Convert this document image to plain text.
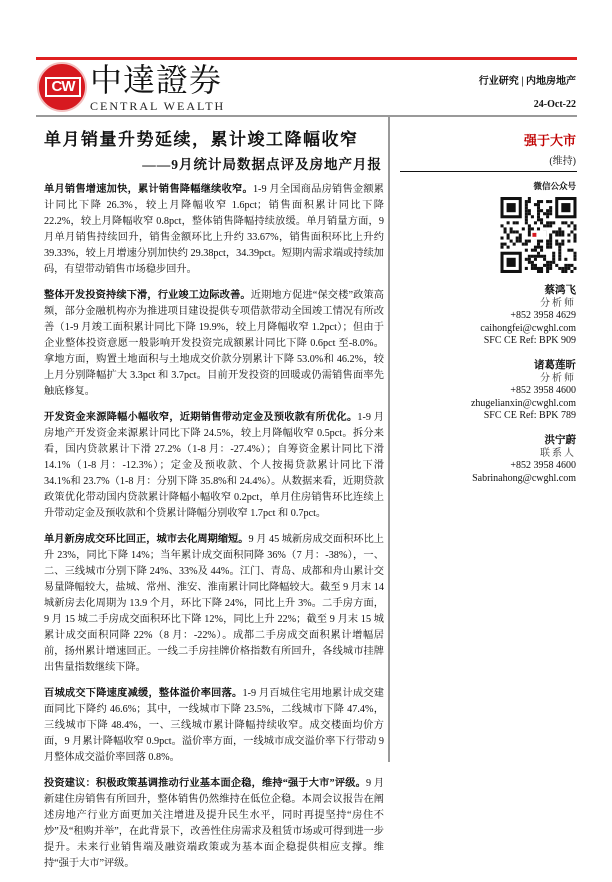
CW 中達證券
CENTRAL WEALTH
行业研究 | 内地房地产
24-Oct-22
单月销量升势延续，累计竣工降幅收窄
——9月统计局数据点评及房地产月报
强于大市
(维持)
微信公众号
蔡鸿飞
分析师
+852 3958 4629
caihongfei@cwghl.com
SFC CE Ref: BPK 909
诸葛莲昕
分析师
+852 3958 4600
zhugelianxin@cwghl.com
SFC CE Ref: BPK 789
洪宁蔚
联系人
+852 3958 4600
Sabrinahong@cwghl.com

单月销售增速加快，累计销售降幅继续收窄。1-9 月全国商品房销售金额累计同比下降 26.3%，较上月降幅收窄 1.6pct；销售面积累计同比下降 22.2%，较上月降幅收窄 0.8pct，整体销售降幅持续放缓。单月销量方面，9 月单月销售持续回升，销售金额环比上升约 33.67%，销售面积环比上升约 39.33%，较上月增速分别加快约 29.38pct，34.39pct。短期内需求端或持续加码，有望带动销售市场稳步回升。

整体开发投资持续下滑，行业竣工边际改善。近期地方促进“保交楼”政策高频，部分金融机构亦为推进项目建设提供专项借款带动全国竣工情况有所改善（1-9 月竣工面积累计同比下降 19.9%，较上月降幅收窄 1.2pct）；但由于企业整体投资意愿一般影响开发投资完成额累计同比下降 0.6pct 至-8.0%。拿地方面，购置土地面积与土地成交价款分别累计下降 53.0%和 46.2%，较上月分别降幅扩大 3.3pct 和 3.7pct。目前开发投资的回暖或仍需销售面率先触底修复。

开发资金来源降幅小幅收窄，近期销售带动定金及预收款有所优化。1-9 月房地产开发资金来源累计同比下降 24.5%，较上月降幅收窄 0.5pct。拆分来看，国内贷款累计下滑 27.2%（1-8 月：-27.4%）；自筹资金累计同比下滑 14.1%（1-8 月：-12.3%）；定金及预收款、个人按揭贷款累计同比下滑 34.1%和 23.7%（1-8 月：分别下降 35.8%和 24.4%）。从数据来看，近期贷款政策优化带动国内贷款累计降幅小幅收窄 0.2pct，单月住房销售环比连续上升带动定金及预收款和个贷累计降幅分别收窄 1.7pct 和 0.7pct。

单月新房成交环比回正，城市去化周期缩短。9 月 45 城新房成交面积环比上升 23%，同比下降 14%；当年累计成交面积同降 36%（7 月：-38%），一、二、三线城市分别下降 24%、33%及 44%。江门、青岛、成都和舟山累计交易量降幅较大，盐城、常州、淮安、淮南累计同比降幅较大。截至 9 月末 14 城新房去化周期为 13.9 个月，环比下降 24%，同比上升 3%。二手房方面，9 月 15 城二手房成交面积环比下降 12%，同比上升 22%；截至 9 月末 15 城累计成交面积同降 22%（8 月：-22%）。成都二手房成交面积累计增幅居前，扬州累计增速回正。一线二手房挂牌价格指数有所回升，各线城市挂牌出售量指数继续下降。

百城成交下降速度减缓，整体溢价率回落。1-9 月百城住宅用地累计成交建面同比下降约 46.6%；其中，一线城市下降 23.5%，二线城市下降 47.4%，三线城市下降 48.4%，一、三线城市累计降幅持续收窄。成交楼面均价方面，9 月累计降幅收窄 0.9pct。溢价率方面，一线城市成交溢价率下行带动 9 月整体成交溢价率回落 0.8%。

投资建议：积极政策基调推动行业基本面企稳，维持“强于大市”评级。9 月新建住房销售有所回升，整体销售仍然维持在低位企稳。本周会议报告在阐述房地产行业方面更加关注增进及提升民生水平，同时再提坚持“房住不炒”及“租购并举”，在此背景下，改善性住房需求及租赁市场或可得到进一步提升。未来行业销售端及融资端政策或为基本面企稳提供相应支撑。维持“强于大市”评级。
